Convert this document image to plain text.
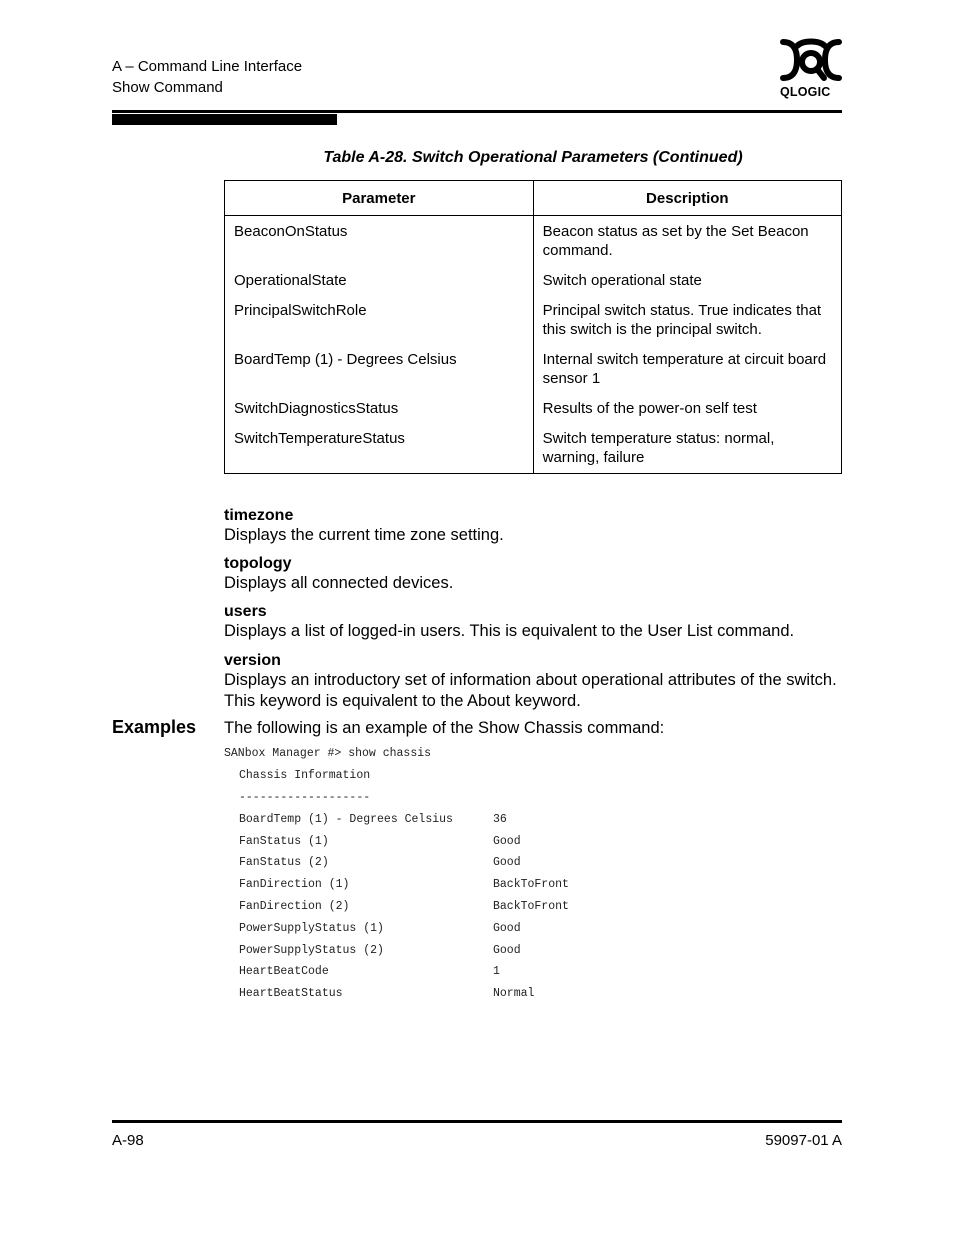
A – Command Line Interface
Show Command	QLOGIC
Table A-28. Switch Operational Parameters (Continued)
Parameter	Description
BeaconOnStatus	Beacon status as set by the Set Beacon command.
OperationalState	Switch operational state
PrincipalSwitchRole	Principal switch status. True indicates that this switch is the principal switch.
BoardTemp (1) - Degrees Celsius	Internal switch temperature at circuit board sensor 1
SwitchDiagnosticsStatus	Results of the power-on self test
SwitchTemperatureStatus	Switch temperature status: normal, warning, failure
timezone
Displays the current time zone setting.
topology
Displays all connected devices.
users
Displays a list of logged-in users. This is equivalent to the User List command.
version
Displays an introductory set of information about operational attributes of the switch. This keyword is equivalent to the About keyword.
Examples The following is an example of the Show Chassis command:
SANbox Manager #> show chassis
Chassis Information
-------------------
BoardTemp (1) - Degrees Celsius	36
FanStatus (1)	Good
FanStatus (2)	Good
FanDirection (1)	BackToFront
FanDirection (2)	BackToFront
PowerSupplyStatus (1)	Good
PowerSupplyStatus (2)	Good
HeartBeatCode	1
HeartBeatStatus	Normal
A-98	59097-01 A
